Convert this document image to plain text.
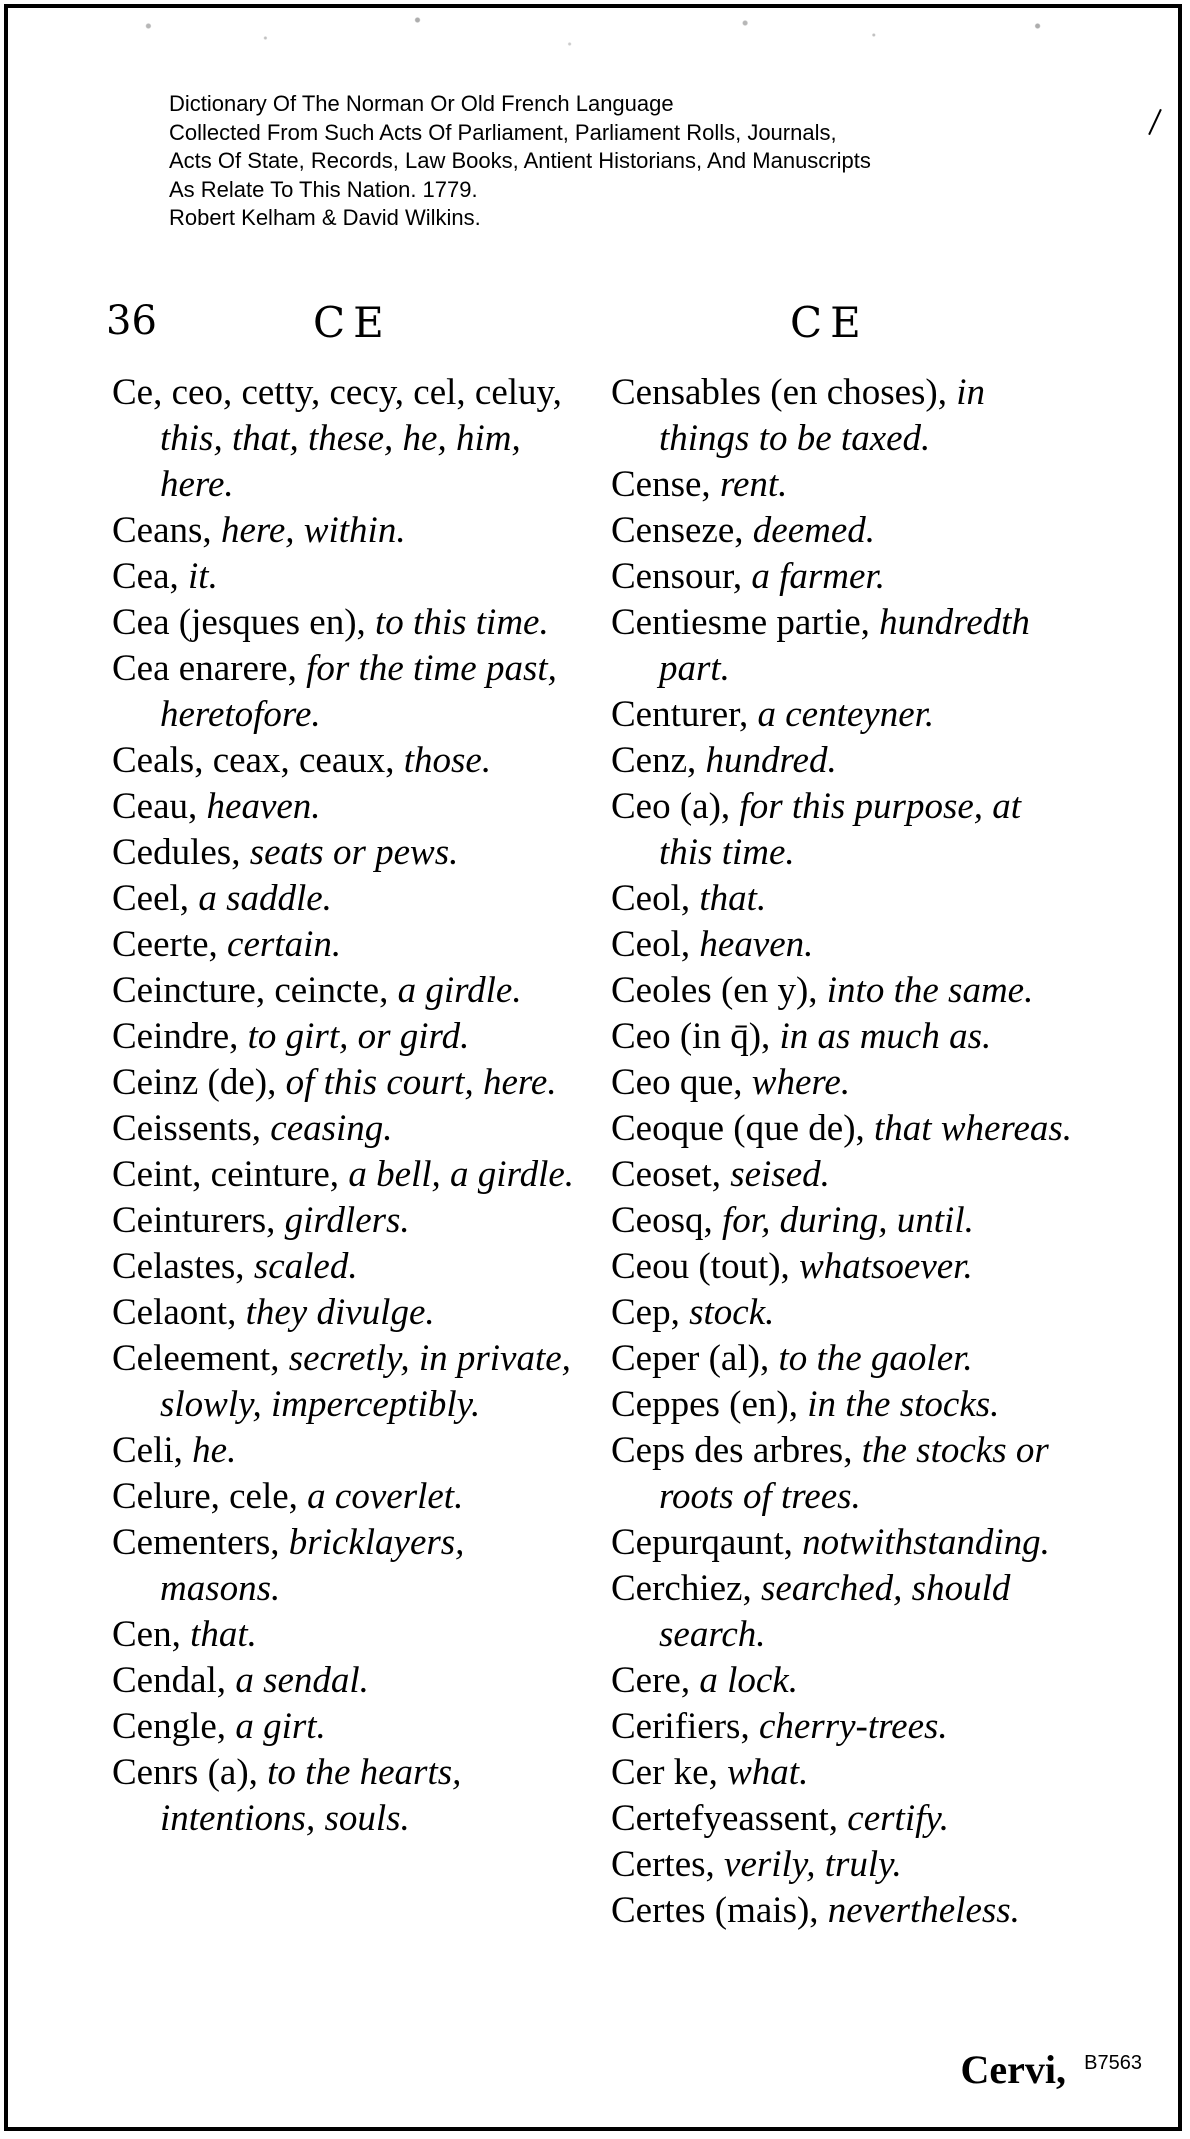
Dictionary Of The Norman Or Old French Language
Collected From Such Acts Of Parliament, Parliament Rolls, Journals,
Acts Of State, Records, Law Books, Antient Historians, And Manuscripts
As Relate To This Nation. 1779.
Robert Kelham & David Wilkins.
36	CE	CE

Ce, ceo, cetty, cecy, cel, celuy, this, that, these, he, him, here.

Ceans, here, within.

Cea, it.

Cea (jesques en), to this time.

Cea enarere, for the time past, heretofore.

Ceals, ceax, ceaux, those.

Ceau, heaven.

Cedules, seats or pews.

Ceel, a saddle.

Ceerte, certain.

Ceincture, ceincte, a girdle.

Ceindre, to girt, or gird.

Ceinz (de), of this court, here.

Ceissents, ceasing.

Ceint, ceinture, a bell, a girdle.

Ceinturers, girdlers.

Celastes, scaled.

Celaont, they divulge.

Celeement, secretly, in private, slowly, imperceptibly.

Celi, he.

Celure, cele, a coverlet.

Cementers, bricklayers, masons.

Cen, that.

Cendal, a sendal.

Cengle, a girt.

Cenrs (a), to the hearts, intentions, souls.

Censables (en choses), in things to be taxed.

Cense, rent.

Censeze, deemed.

Censour, a farmer.

Centiesme partie, hundredth part.

Centurer, a centeyner.

Cenz, hundred.

Ceo (a), for this purpose, at this time.

Ceol, that.

Ceol, heaven.

Ceoles (en y), into the same.

Ceo (in q̄), in as much as.

Ceo que, where.

Ceoque (que de), that whereas.

Ceoset, seised.

Ceosq, for, during, until.

Ceou (tout), whatsoever.

Cep, stock.

Ceper (al), to the gaoler.

Ceppes (en), in the stocks.

Ceps des arbres, the stocks or roots of trees.

Cepurqaunt, notwithstanding.

Cerchiez, searched, should search.

Cere, a lock.

Cerifiers, cherry-trees.

Cer ke, what.

Certefyeassent, certify.

Certes, verily, truly.

Certes (mais), nevertheless.

Cervi, B7563
